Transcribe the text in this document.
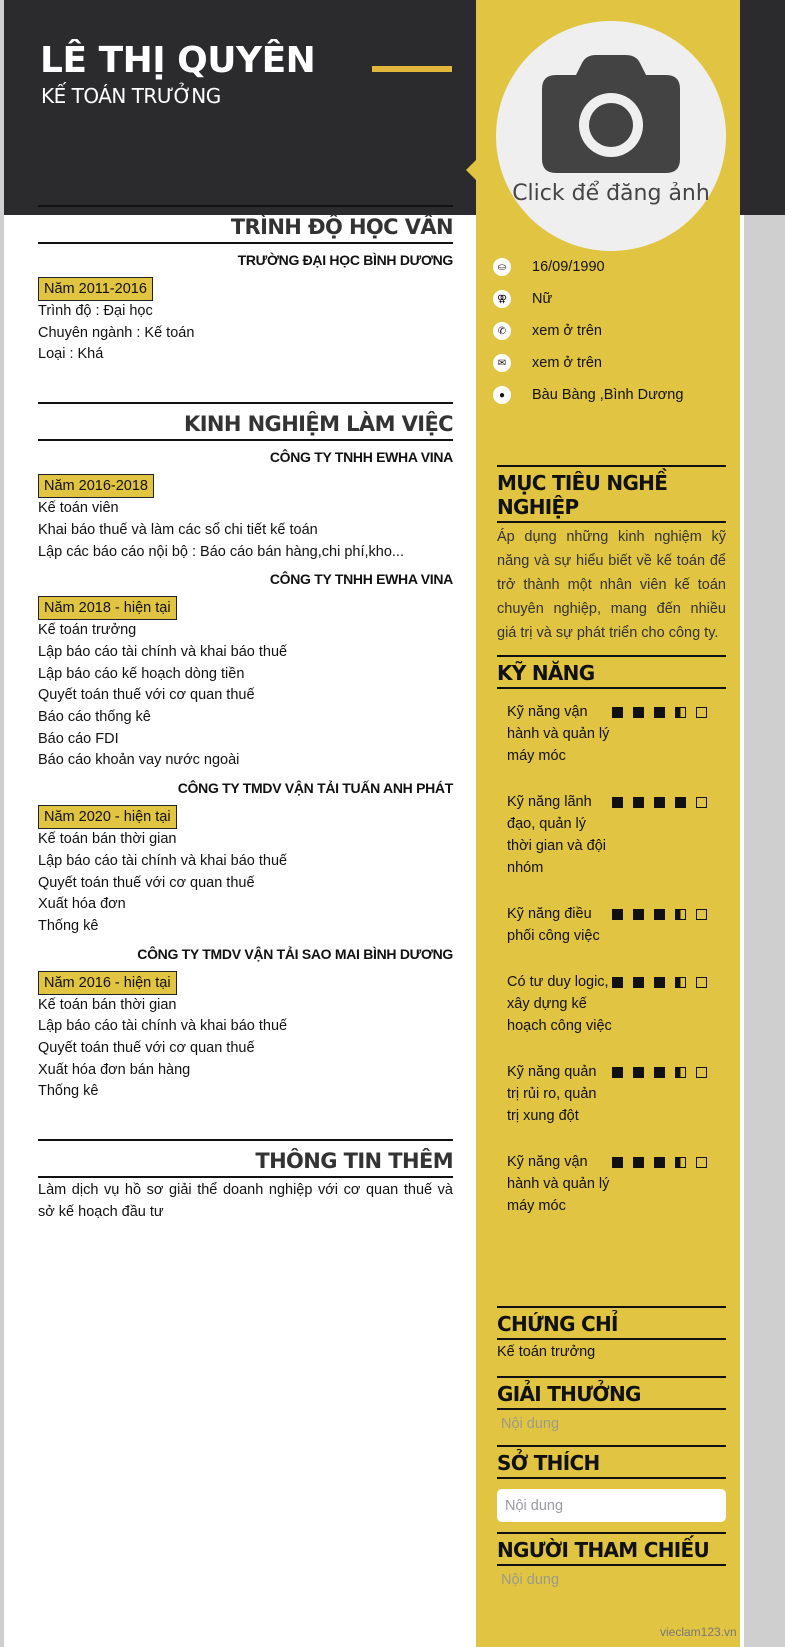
LÊ THỊ QUYÊN
KẾ TOÁN TRƯỞNG
Click để đăng ảnh
TRÌNH ĐỘ HỌC VẤN
TRƯỜNG ĐẠI HỌC BÌNH DƯƠNG
Năm 2011-2016
Trình độ : Đại học
Chuyên ngành : Kế toán
Loại : Khá
KINH NGHIỆM LÀM VIỆC
CÔNG TY TNHH EWHA VINA
Năm 2016-2018
Kế toán viên
Khai báo thuế và làm các sổ chi tiết kế toán
Lập các báo cáo nội bộ : Báo cáo bán hàng,chi phí,kho...
CÔNG TY TNHH EWHA VINA
Năm 2018 - hiện tại
Kế toán trưởng
Lập báo cáo tài chính và khai báo thuế
Lập báo cáo kế hoạch dòng tiền
Quyết toán thuế với cơ quan thuế
Báo cáo thống kê
Báo cáo FDI
Báo cáo khoản vay nước ngoài
CÔNG TY TMDV VẬN TẢI TUẤN ANH PHÁT
Năm 2020 - hiện tại
Kế toán bán thời gian
Lập báo cáo tài chính và khai báo thuế
Quyết toán thuế với cơ quan thuế
Xuất hóa đơn
Thống kê
CÔNG TY TMDV VẬN TẢI SAO MAI BÌNH DƯƠNG
Năm 2016 - hiện tại
Kế toán bán thời gian
Lập báo cáo tài chính và khai báo thuế
Quyết toán thuế với cơ quan thuế
Xuất hóa đơn bán hàng
Thống kê
THÔNG TIN THÊM
Làm dịch vụ hồ sơ giải thể doanh nghiệp với cơ quan thuế và sở kế hoạch đầu tư
⛀	16/09/1990
⚢ Nữ
✆	xem ở trên
✉	xem ở trên
●	Bàu Bàng ,Bình Dương
MỤC TIÊU NGHỀ NGHIỆP
Áp dụng những kinh nghiệm kỹ năng và sự hiểu biết về kế toán để trở thành một nhân viên kế toán chuyên nghiệp, mang đến nhiều giá trị và sự phát triển cho công ty.
KỸ NĂNG
Kỹ năng vận hành và quản lý máy móc
Kỹ năng lãnh đạo, quản lý thời gian và đội nhóm
Kỹ năng điều phối công việc
Có tư duy logic, xây dựng kế hoạch công việc
Kỹ năng quản trị rủi ro, quản trị xung đột
Kỹ năng vận hành và quản lý máy móc
CHỨNG CHỈ
Kế toán trưởng
GIẢI THƯỞNG
Nội dung
SỞ THÍCH
Nội dung
NGƯỜI THAM CHIẾU
Nội dung
vieclam123.vn
